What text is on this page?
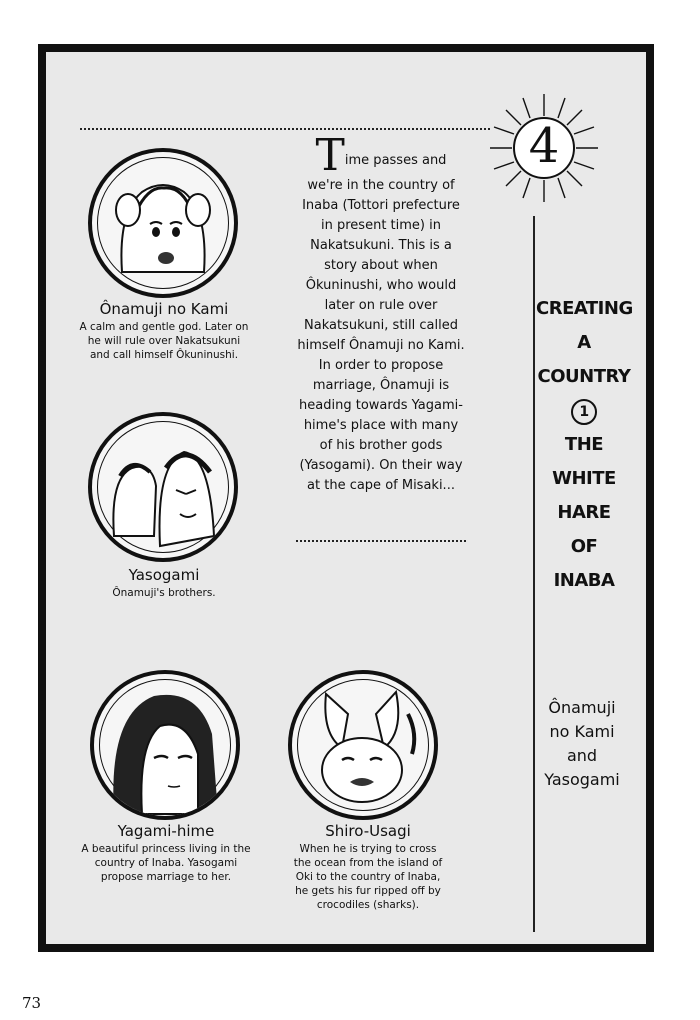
4
Time passes and we're in the country of Inaba (Tottori prefecture in present time) in Nakatsukuni. This is a story about when Ôkuninushi, who would later on rule over Nakatsukuni, still called himself Ônamuji no Kami. In order to propose marriage, Ônamuji is heading towards Yagami-hime's place with many of his brother gods (Yasogami). On their way at the cape of Misaki...
CREATING
A
COUNTRY
1
THE
WHITE
HARE
OF
INABA
Ônamuji
no Kami
and
Yasogami
Ônamuji no Kami
A calm and gentle god. Later on he will rule over Nakatsukuni and call himself Ôkuninushi.
Yasogami
Ônamuji's brothers.
Yagami-hime
A beautiful princess living in the country of Inaba. Yasogami propose marriage to her.
Shiro-Usagi
When he is trying to cross the ocean from the island of Oki to the country of Inaba, he gets his fur ripped off by crocodiles (sharks).
73
